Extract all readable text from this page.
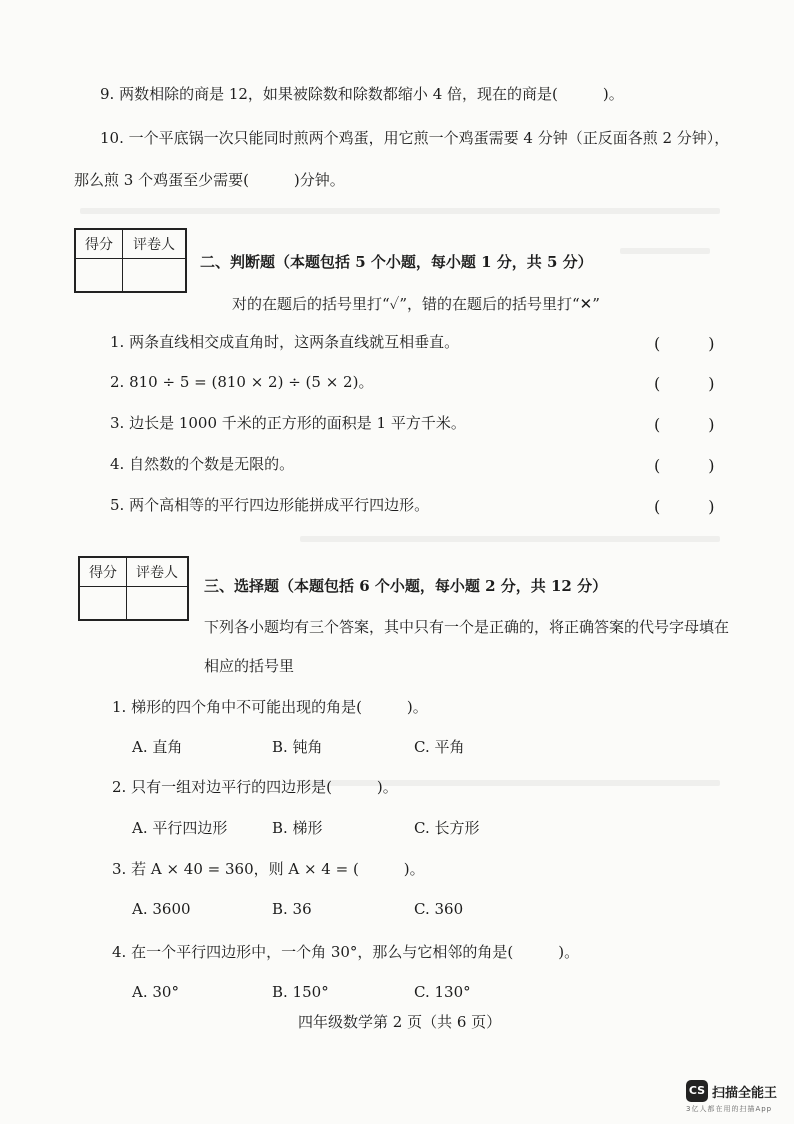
9. 两数相除的商是 12，如果被除数和除数都缩小 4 倍，现在的商是(　　　)。
10. 一个平底锅一次只能同时煎两个鸡蛋，用它煎一个鸡蛋需要 4 分钟（正反面各煎 2 分钟），
那么煎 3 个鸡蛋至少需要(　　　)分钟。
得分	评卷人

二、判断题（本题包括 5 个小题，每小题 1 分，共 5 分）
对的在题后的括号里打“✓”，错的在题后的括号里打“✕”
1. 两条直线相交成直角时，这两条直线就互相垂直。	(　　　)
2. 810 ÷ 5 = (810 × 2) ÷ (5 × 2)。	(　　　)
3. 边长是 1000 千米的正方形的面积是 1 平方千米。	(　　　)
4. 自然数的个数是无限的。	(　　　)
5. 两个高相等的平行四边形能拼成平行四边形。	(　　　)
得分	评卷人

三、选择题（本题包括 6 个小题，每小题 2 分，共 12 分）
下列各小题均有三个答案，其中只有一个是正确的，将正确答案的代号字母填在
相应的括号里
1. 梯形的四个角中不可能出现的角是(　　　)。
A. 直角	B. 钝角	C. 平角
2. 只有一组对边平行的四边形是(　　　)。
A. 平行四边形	B. 梯形	C. 长方形
3. 若 A × 40 = 360，则 A × 4 = (　　　)。
A. 3600	B. 36	C. 360
4. 在一个平行四边形中，一个角 30°，那么与它相邻的角是(　　　)。
A. 30°	B. 150°	C. 130°
四年级数学第 2 页（共 6 页）
CS 扫描全能王
3亿人都在用的扫描App
